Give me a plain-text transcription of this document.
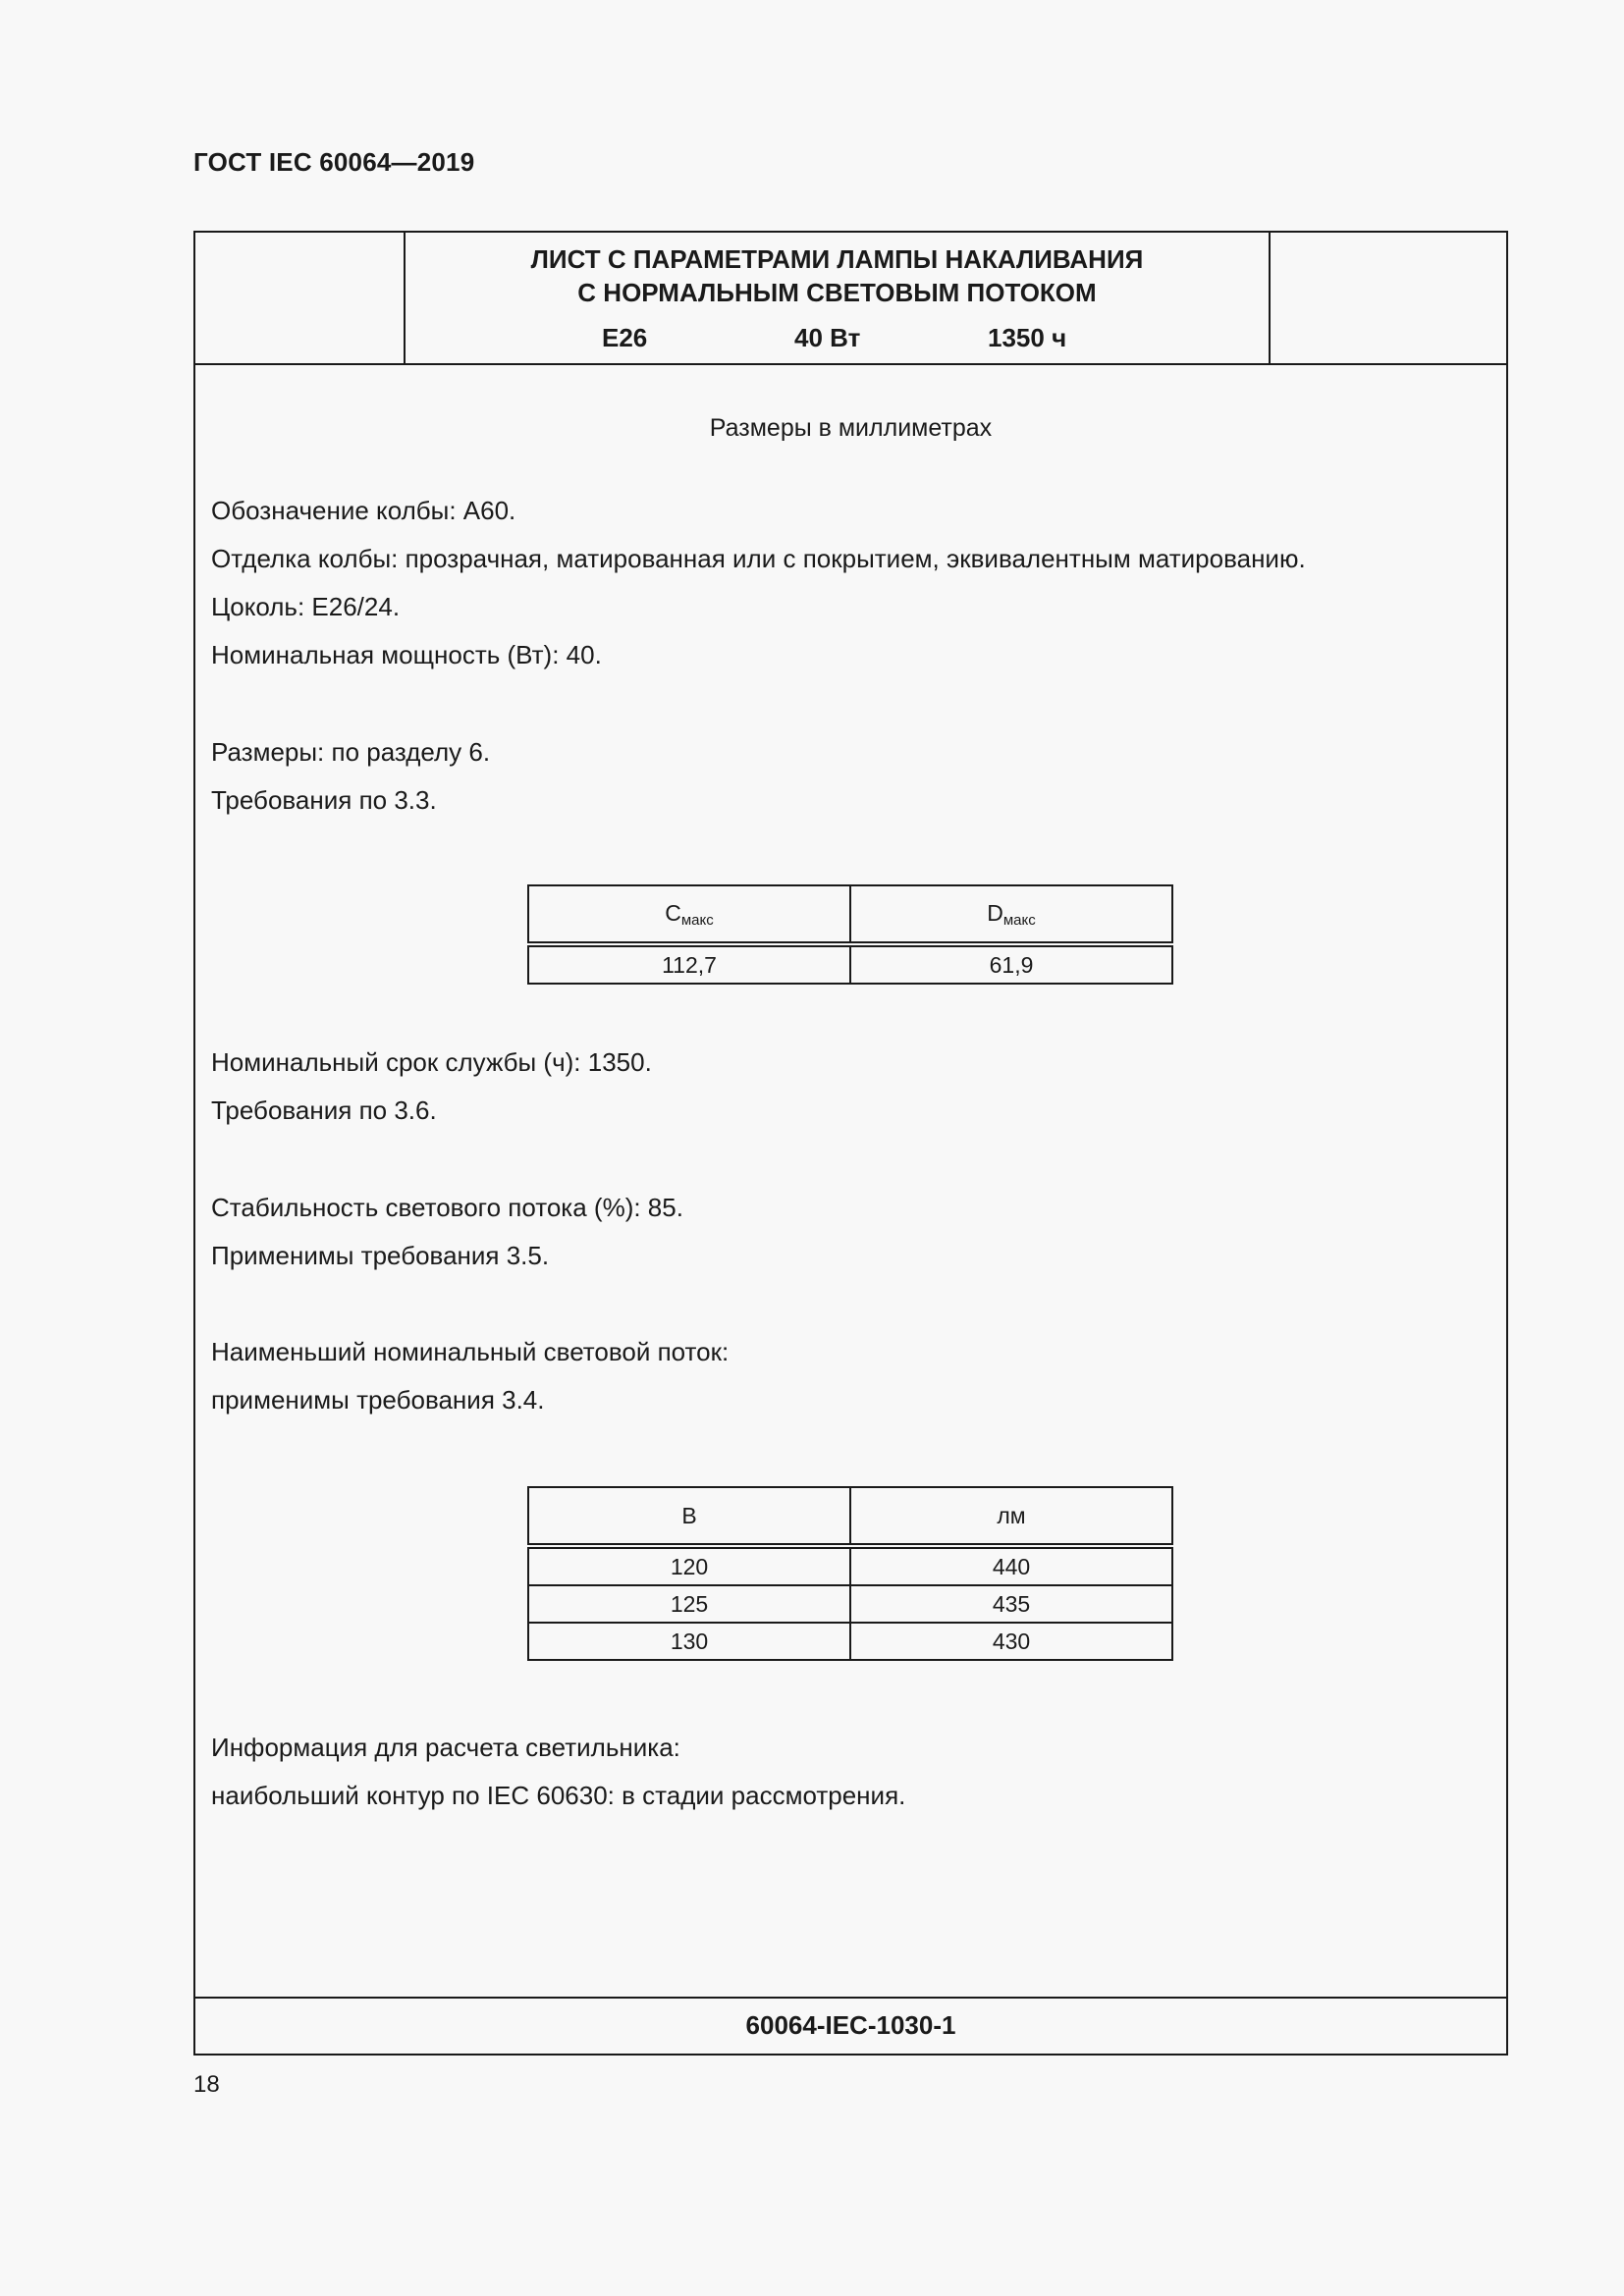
ГОСТ IEC 60064—2019
ЛИСТ С ПАРАМЕТРАМИ ЛАМПЫ НАКАЛИВАНИЯ
С НОРМАЛЬНЫМ СВЕТОВЫМ ПОТОКОМ
E26	40 Вт	1350 ч
Размеры в миллиметрах
Обозначение колбы: А60.
Отделка колбы: прозрачная, матированная или с покрытием, эквивалентным матированию.
Цоколь: E26/24.
Номинальная мощность (Вт): 40.
Размеры: по разделу 6.
Требования по 3.3.
$C_{макс}$	$D_{макс}$
112,7	61,9
Номинальный срок службы (ч): 1350.
Требования по 3.6.
Стабильность светового потока (%): 85.
Применимы требования 3.5.
Наименьший номинальный световой поток:
применимы требования 3.4.
В	лм
120	440
125	435
130	430
Информация для расчета светильника:
наибольший контур по IEC 60630: в стадии рассмотрения.
60064-IEC-1030-1
18
